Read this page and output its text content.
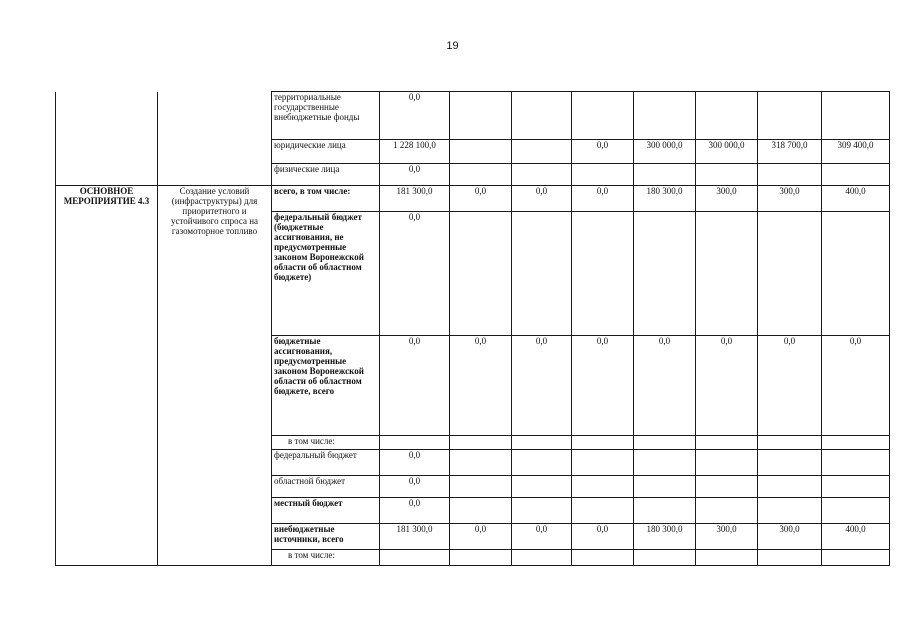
19
		территориальные государственные внебюджетные фонды	0,0							
		юридические лица	1 228 100,0			0,0	300 000,0	300 000,0	318 700,0	309 400,0
		физические лица	0,0							
ОСНОВНОЕ МЕРОПРИЯТИЕ 4.3	Создание условий (инфраструктуры) для приоритетного и устойчивого спроса на газомоторное топливо	всего, в том числе:	181 300,0	0,0	0,0	0,0	180 300,0	300,0	300,0	400,0
		федеральный бюджет (бюджетные ассигнования, не предусмотренные законом Воронежской области об областном бюджете)	0,0							
		бюджетные ассигнования, предусмотренные законом Воронежской области об областном бюджете, всего	0,0	0,0	0,0	0,0	0,0	0,0	0,0	0,0
		в том числе:								
		федеральный бюджет	0,0							
		областной бюджет	0,0							
		местный бюджет	0,0							
		внебюджетные источники, всего	181 300,0	0,0	0,0	0,0	180 300,0	300,0	300,0	400,0
		в том числе:								
